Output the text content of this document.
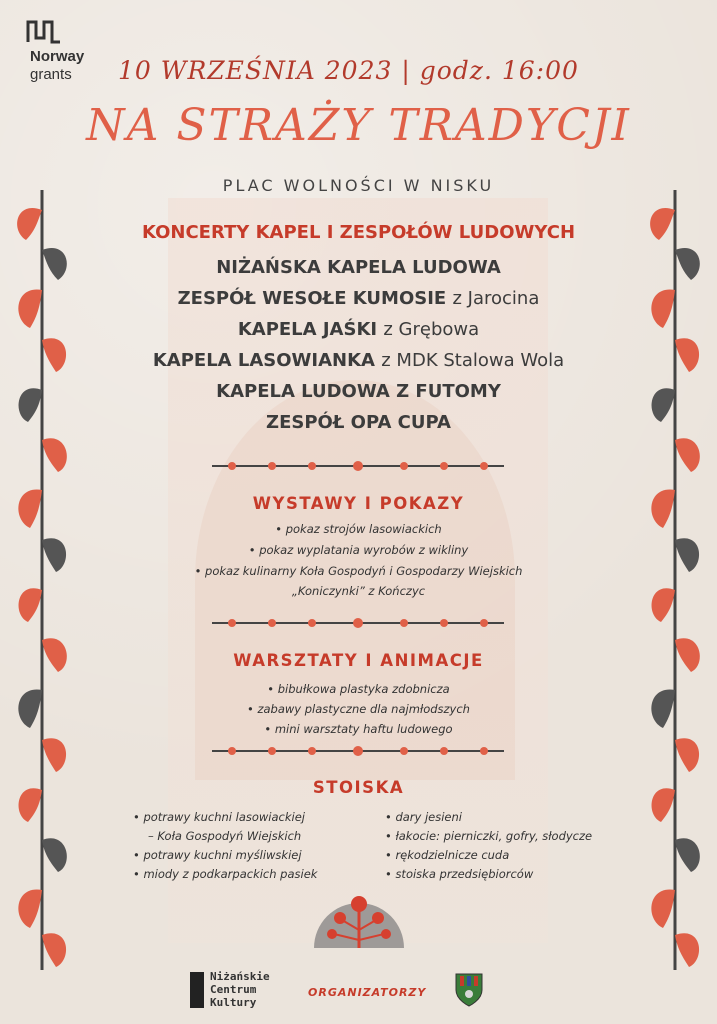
Norway
grants 10 WRZEŚNIA 2023 | godz. 16:00
NA STRAŻY TRADYCJI
PLAC WOLNOŚCI W NISKU
KONCERTY KAPEL I ZESPOŁÓW LUDOWYCH
NIŻAŃSKA KAPELA LUDOWA
ZESPÓŁ WESOŁE KUMOSIE z Jarocina
KAPELA JAŚKI z Grębowa
KAPELA LASOWIANKA z MDK Stalowa Wola
KAPELA LUDOWA Z FUTOMY
ZESPÓŁ OPA CUPA
WYSTAWY I POKAZY
• pokaz strojów lasowiackich
• pokaz wyplatania wyrobów z wikliny
• pokaz kulinarny Koła Gospodyń i Gospodarzy Wiejskich
„Koniczynki” z Kończyc
WARSZTATY I ANIMACJE
• bibułkowa plastyka zdobnicza
• zabawy plastyczne dla najmłodszych
• mini warsztaty haftu ludowego
STOISKA
• potrawy kuchni lasowiackiej
– Koła Gospodyń Wiejskich
• potrawy kuchni myśliwskiej
• miody z podkarpackich pasiek
• dary jesieni
• łakocie: pierniczki, gofry, słodycze
• rękodzielnicze cuda
• stoiska przedsiębiorców
Niżańskie
Centrum
Kultury
ORGANIZATORZY
